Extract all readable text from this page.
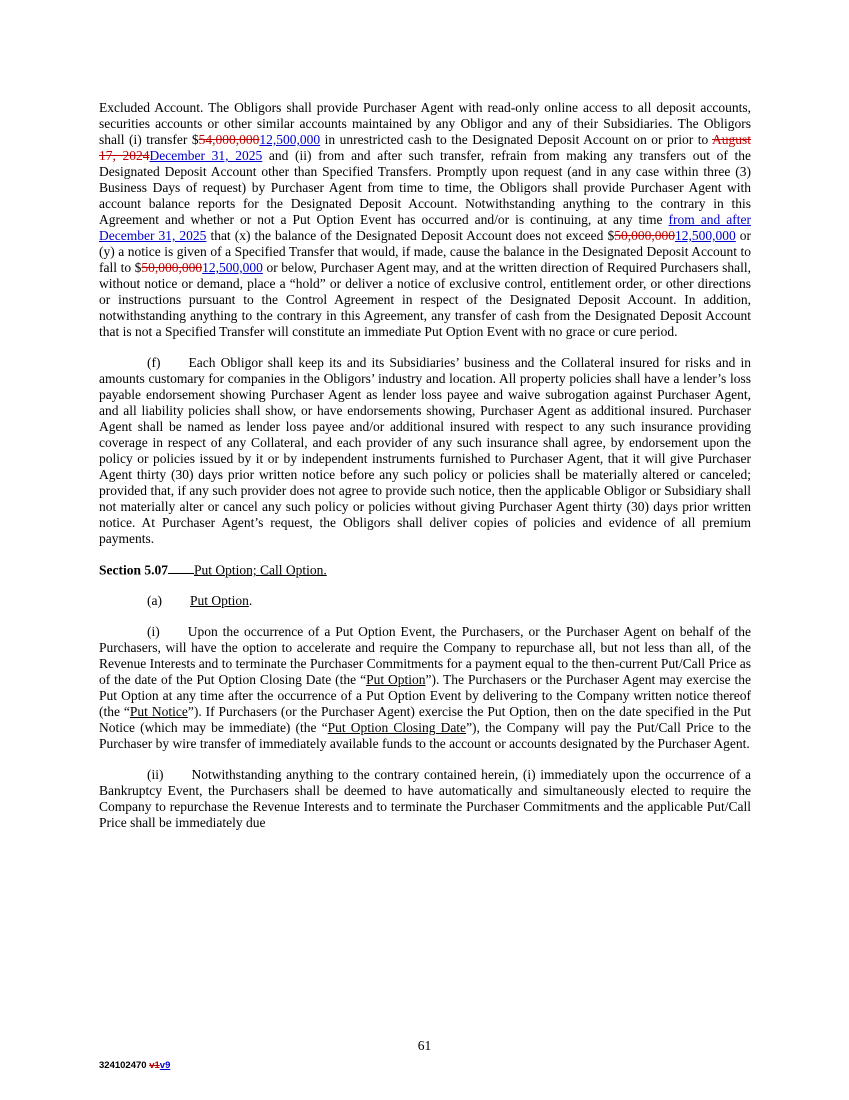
Excluded Account. The Obligors shall provide Purchaser Agent with read-only online access to all deposit accounts, securities accounts or other similar accounts maintained by any Obligor and any of their Subsidiaries. The Obligors shall (i) transfer $54,000,00012,500,000 in unrestricted cash to the Designated Deposit Account on or prior to August 17, 2024December 31, 2025 and (ii) from and after such transfer, refrain from making any transfers out of the Designated Deposit Account other than Specified Transfers. Promptly upon request (and in any case within three (3) Business Days of request) by Purchaser Agent from time to time, the Obligors shall provide Purchaser Agent with account balance reports for the Designated Deposit Account. Notwithstanding anything to the contrary in this Agreement and whether or not a Put Option Event has occurred and/or is continuing, at any time from and after December 31, 2025 that (x) the balance of the Designated Deposit Account does not exceed $50,000,00012,500,000 or (y) a notice is given of a Specified Transfer that would, if made, cause the balance in the Designated Deposit Account to fall to $50,000,00012,500,000 or below, Purchaser Agent may, and at the written direction of Required Purchasers shall, without notice or demand, place a “hold” or deliver a notice of exclusive control, entitlement order, or other directions or instructions pursuant to the Control Agreement in respect of the Designated Deposit Account. In addition, notwithstanding anything to the contrary in this Agreement, any transfer of cash from the Designated Deposit Account that is not a Specified Transfer will constitute an immediate Put Option Event with no grace or cure period.

(f) Each Obligor shall keep its and its Subsidiaries’ business and the Collateral insured for risks and in amounts customary for companies in the Obligors’ industry and location. All property policies shall have a lender’s loss payable endorsement showing Purchaser Agent as lender loss payee and waive subrogation against Purchaser Agent, and all liability policies shall show, or have endorsements showing, Purchaser Agent as additional insured. Purchaser Agent shall be named as lender loss payee and/or additional insured with respect to any such insurance providing coverage in respect of any Collateral, and each provider of any such insurance shall agree, by endorsement upon the policy or policies issued by it or by independent instruments furnished to Purchaser Agent, that it will give Purchaser Agent thirty (30) days prior written notice before any such policy or policies shall be materially altered or canceled; provided that, if any such provider does not agree to provide such notice, then the applicable Obligor or Subsidiary shall not materially alter or cancel any such policy or policies without giving Purchaser Agent thirty (30) days prior written notice. At Purchaser Agent’s request, the Obligors shall deliver copies of policies and evidence of all premium payments.

Section 5.07 Put Option; Call Option.

(a) Put Option.

(i) Upon the occurrence of a Put Option Event, the Purchasers, or the Purchaser Agent on behalf of the Purchasers, will have the option to accelerate and require the Company to repurchase all, but not less than all, of the Revenue Interests and to terminate the Purchaser Commitments for a payment equal to the then-current Put/Call Price as of the date of the Put Option Closing Date (the “Put Option”). The Purchasers or the Purchaser Agent may exercise the Put Option at any time after the occurrence of a Put Option Event by delivering to the Company written notice thereof (the “Put Notice”). If Purchasers (or the Purchaser Agent) exercise the Put Option, then on the date specified in the Put Notice (which may be immediate) (the “Put Option Closing Date”), the Company will pay the Put/Call Price to the Purchaser by wire transfer of immediately available funds to the account or accounts designated by the Purchaser Agent.

(ii) Notwithstanding anything to the contrary contained herein, (i) immediately upon the occurrence of a Bankruptcy Event, the Purchasers shall be deemed to have automatically and simultaneously elected to require the Company to repurchase the Revenue Interests and to terminate the Purchaser Commitments and the applicable Put/Call Price shall be immediately due

61
324102470 v1v9
